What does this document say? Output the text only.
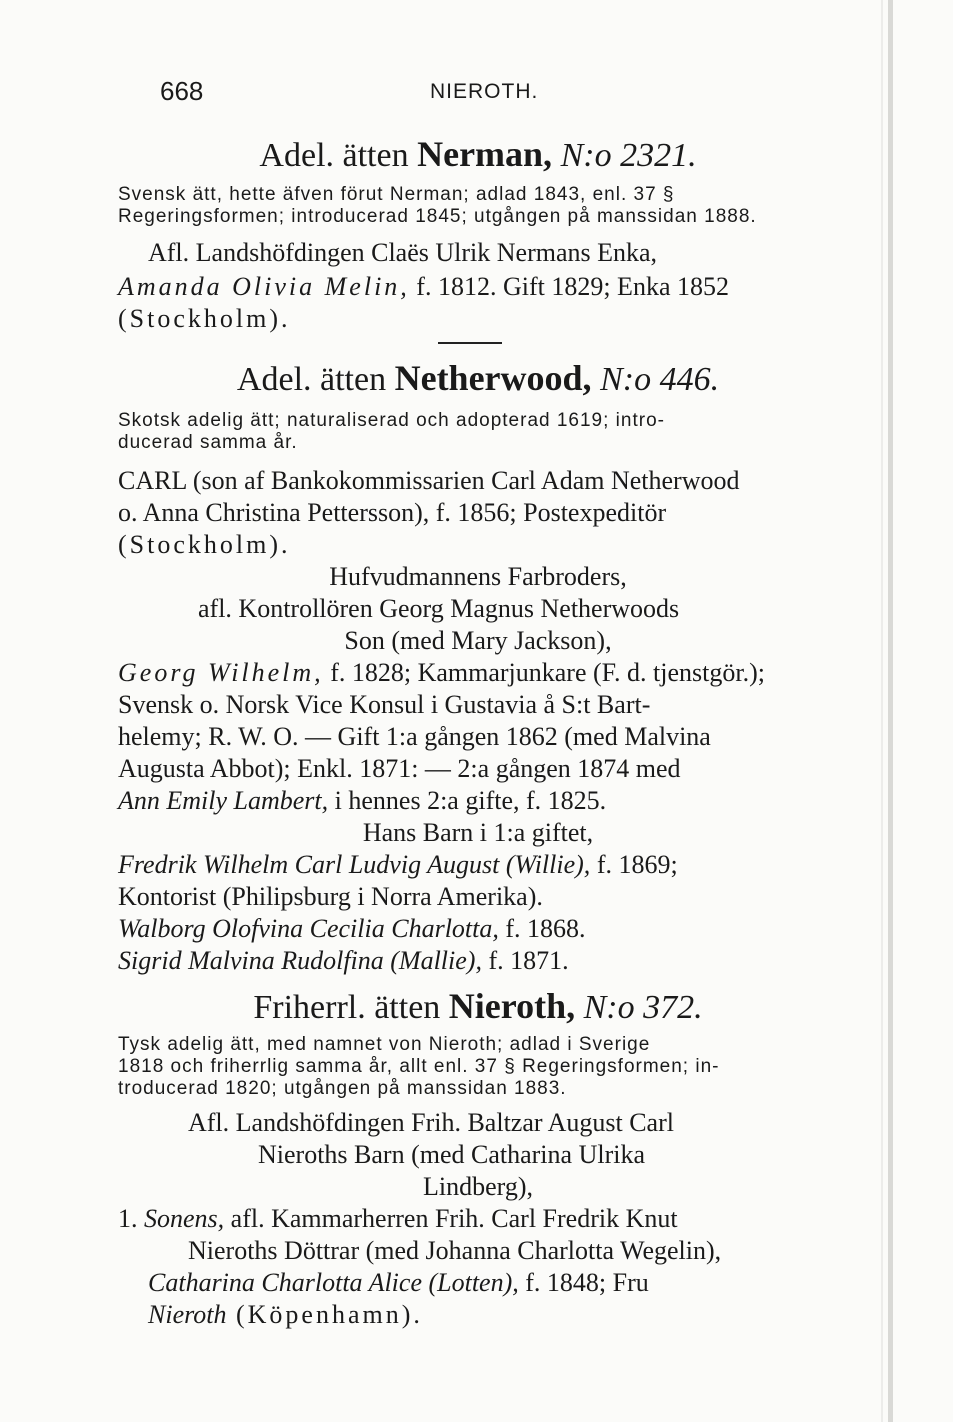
668	NIEROTH.
Adel. ätten Nerman, N:o 2321.
Svensk ätt, hette äfven förut Nerman; adlad 1843, enl. 37 §
Regeringsformen; introducerad 1845; utgången på manssidan 1888.
Afl. Landshöfdingen Claës Ulrik Nermans Enka,
Amanda Olivia Melin, f. 1812. Gift 1829; Enka 1852
(Stockholm).
Adel. ätten Netherwood, N:o 446.
Skotsk adelig ätt; naturaliserad och adopterad 1619; intro-
ducerad samma år.
CARL (son af Bankokommissarien Carl Adam Netherwood
o. Anna Christina Pettersson), f. 1856; Postexpeditör
(Stockholm).
Hufvudmannens Farbroders,
afl. Kontrollören Georg Magnus Netherwoods
Son (med Mary Jackson),
Georg Wilhelm, f. 1828; Kammarjunkare (F. d. tjenstgör.);
Svensk o. Norsk Vice Konsul i Gustavia å S:t Bart-
helemy; R. W. O. — Gift 1:a gången 1862 (med Malvina
Augusta Abbot); Enkl. 1871: — 2:a gången 1874 med
Ann Emily Lambert, i hennes 2:a gifte, f. 1825.
Hans Barn i 1:a giftet,
Fredrik Wilhelm Carl Ludvig August (Willie), f. 1869;
Kontorist (Philipsburg i Norra Amerika).
Walborg Olofvina Cecilia Charlotta, f. 1868.
Sigrid Malvina Rudolfina (Mallie), f. 1871.
Friherrl. ätten Nieroth, N:o 372.
Tysk adelig ätt, med namnet von Nieroth; adlad i Sverige
1818 och friherrlig samma år, allt enl. 37 § Regeringsformen; in-
troducerad 1820; utgången på manssidan 1883.
Afl. Landshöfdingen Frih. Baltzar August Carl
Nieroths Barn (med Catharina Ulrika
Lindberg),
1. Sonens, afl. Kammarherren Frih. Carl Fredrik Knut
Nieroths Döttrar (med Johanna Charlotta Wegelin),
Catharina Charlotta Alice (Lotten), f. 1848; Fru
Nieroth (Köpenhamn).
